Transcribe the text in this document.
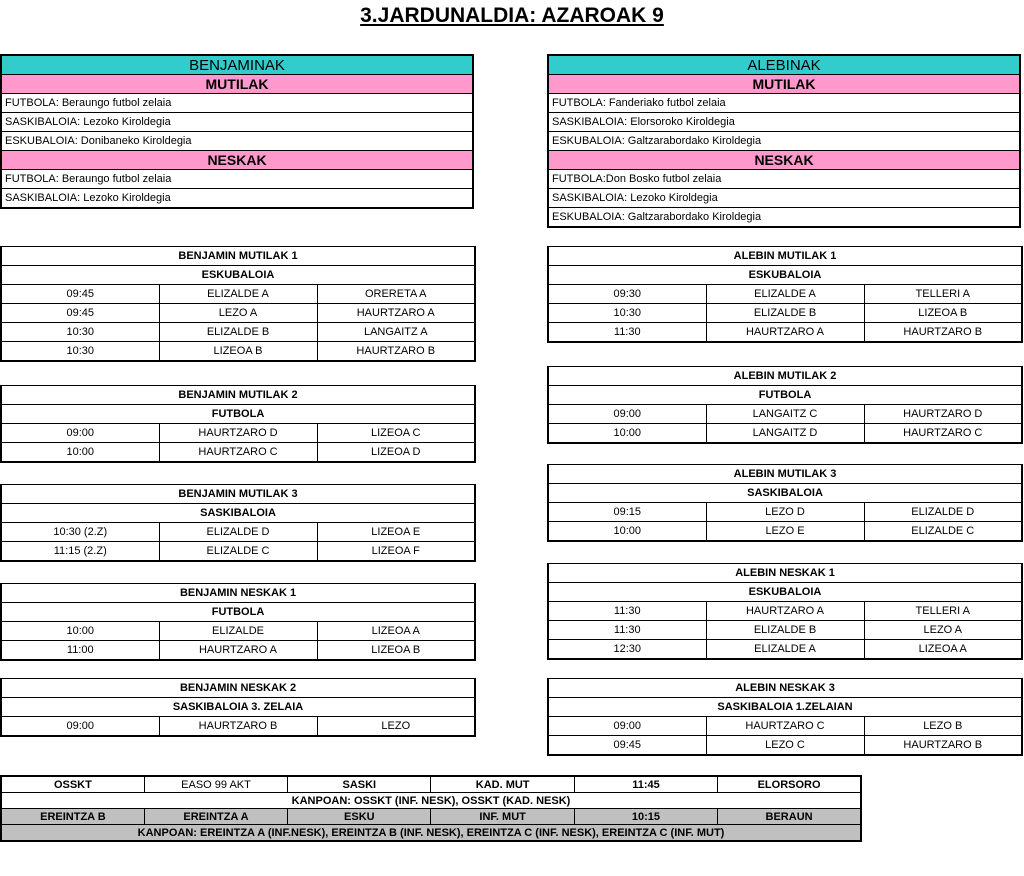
3.JARDUNALDIA: AZAROAK 9
BENJAMINAK
MUTILAK
FUTBOLA: Beraungo futbol zelaia
SASKIBALOIA: Lezoko Kiroldegia
ESKUBALOIA: Donibaneko Kiroldegia
NESKAK
FUTBOLA: Beraungo futbol zelaia
SASKIBALOIA: Lezoko Kiroldegia
ALEBINAK
MUTILAK
FUTBOLA: Fanderiako futbol zelaia
SASKIBALOIA: Elorsoroko Kiroldegia
ESKUBALOIA: Galtzarabordako Kiroldegia
NESKAK
FUTBOLA:Don Bosko futbol zelaia
SASKIBALOIA: Lezoko Kiroldegia
ESKUBALOIA: Galtzarabordako Kiroldegia
BENJAMIN MUTILAK 1		
ESKUBALOIA		
09:45	ELIZALDE A	ORERETA A
09:45	LEZO A	HAURTZARO A
10:30	ELIZALDE B	LANGAITZ A
10:30	LIZEOA B	HAURTZARO B
BENJAMIN MUTILAK 2		
FUTBOLA		
09:00	HAURTZARO D	LIZEOA C
10:00	HAURTZARO C	LIZEOA D
BENJAMIN MUTILAK 3		
SASKIBALOIA		
10:30 (2.Z)	ELIZALDE D	LIZEOA E
11:15 (2.Z)	ELIZALDE C	LIZEOA F
BENJAMIN NESKAK 1		
FUTBOLA		
10:00	ELIZALDE	LIZEOA A
11:00	HAURTZARO A	LIZEOA B
BENJAMIN NESKAK 2
SASKIBALOIA 3. ZELAIA
09:00	HAURTZARO B	LEZO
ALEBIN MUTILAK 1		
ESKUBALOIA		
09:30	ELIZALDE A	TELLERI A
10:30	ELIZALDE B	LIZEOA B
11:30	HAURTZARO A	HAURTZARO B
ALEBIN MUTILAK 2		
FUTBOLA		
09:00	LANGAITZ C	HAURTZARO D
10:00	LANGAITZ D	HAURTZARO C
ALEBIN MUTILAK 3		
SASKIBALOIA		
09:15	LEZO D	ELIZALDE D
10:00	LEZO E	ELIZALDE C
ALEBIN NESKAK 1		
ESKUBALOIA		
11:30	HAURTZARO A	TELLERI A
11:30	ELIZALDE B	LEZO A
12:30	ELIZALDE A	LIZEOA A
ALEBIN NESKAK 3		
SASKIBALOIA 1.ZELAIAN		
09:00	HAURTZARO C	LEZO B
09:45	LEZO C	HAURTZARO B
OSSKT	EASO 99 AKT	SASKI	KAD. MUT	11:45	ELORSORO
KANPOAN: OSSKT (INF. NESK), OSSKT (KAD. NESK)					
EREINTZA B	EREINTZA A	ESKU	INF. MUT	10:15	BERAUN
KANPOAN: EREINTZA A (INF.NESK), EREINTZA B (INF. NESK), EREINTZA C (INF. NESK), EREINTZA C (INF. MUT)					
